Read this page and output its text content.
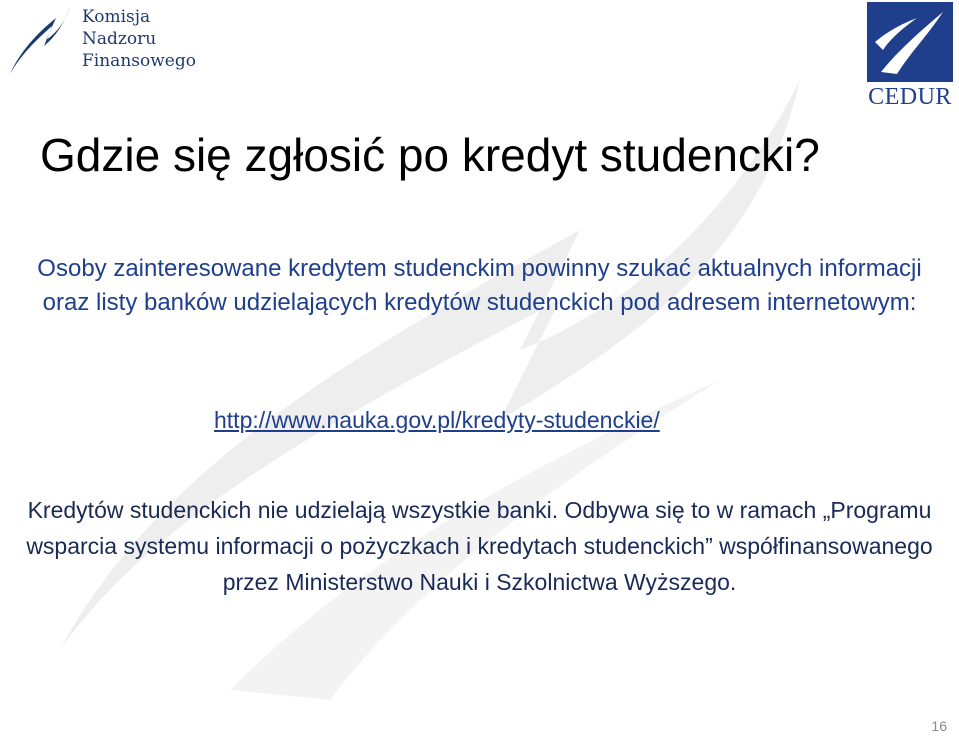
Komisja
Nadzoru
Finansowego
CEDUR
Gdzie się zgłosić po kredyt studencki?
Osoby zainteresowane kredytem studenckim powinny szukać aktualnych informacji oraz listy banków udzielających kredytów studenckich pod adresem internetowym:
http://www.nauka.gov.pl/kredyty-studenckie/
Kredytów studenckich nie udzielają wszystkie banki. Odbywa się to w ramach „Programu wsparcia systemu informacji o pożyczkach i kredytach studenckich” współfinansowanego przez Ministerstwo Nauki i Szkolnictwa Wyższego.
16
